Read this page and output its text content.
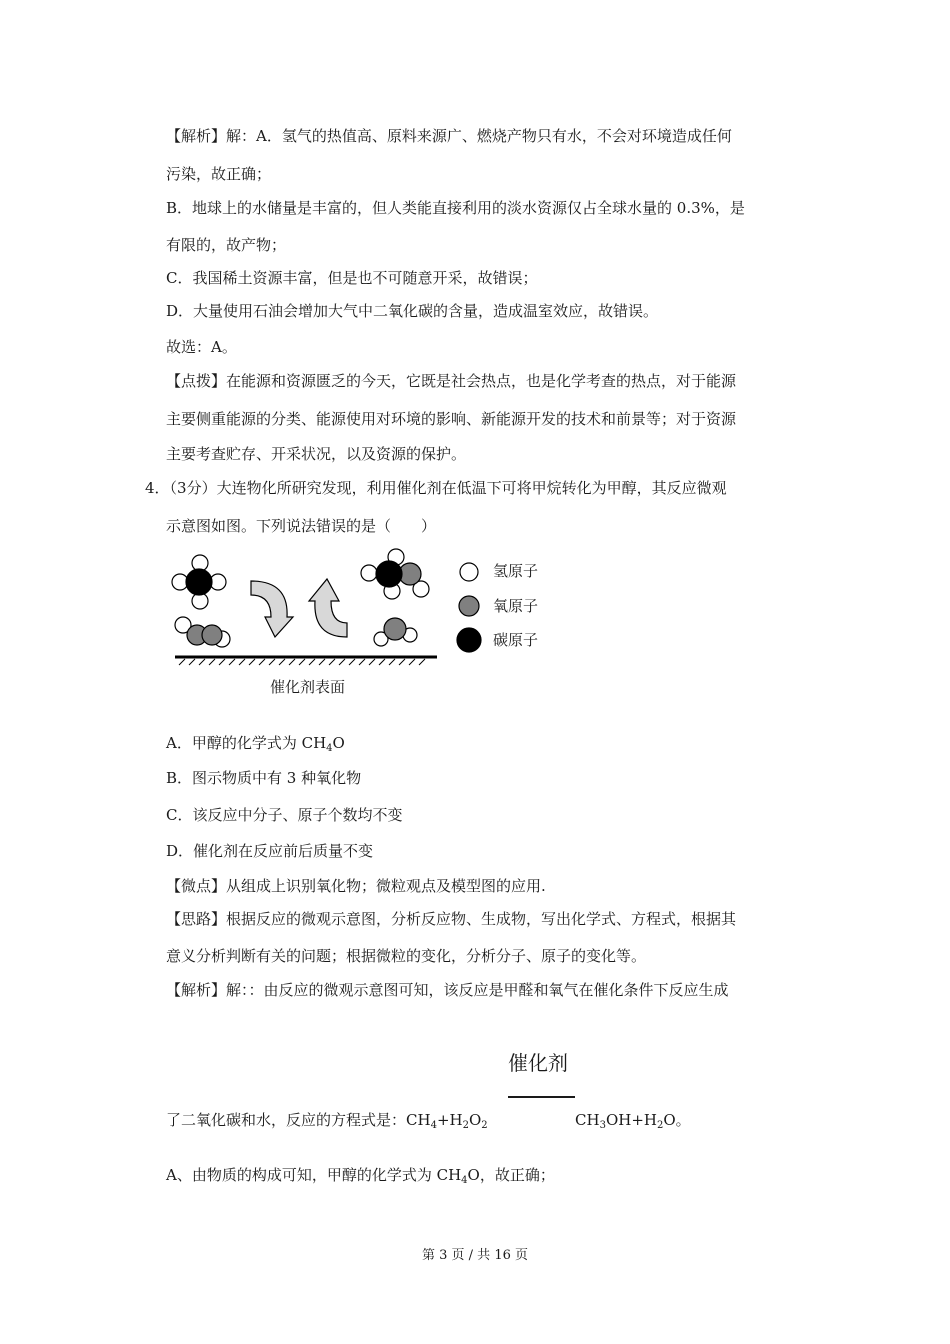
【解析】解：A．氢气的热值高、原料来源广、燃烧产物只有水，不会对环境造成任何
污染，故正确；
B．地球上的水储量是丰富的，但人类能直接利用的淡水资源仅占全球水量的 0.3%，是
有限的，故产物；
C．我国稀土资源丰富，但是也不可随意开采，故错误；
D．大量使用石油会增加大气中二氧化碳的含量，造成温室效应，故错误。
故选：A。
【点拨】在能源和资源匮乏的今天，它既是社会热点，也是化学考查的热点，对于能源
主要侧重能源的分类、能源使用对环境的影响、新能源开发的技术和前景等；对于资源
主要考查贮存、开采状况，以及资源的保护。
4．（3分）大连物化所研究发现，利用催化剂在低温下可将甲烷转化为甲醇，其反应微观
示意图如图。下列说法错误的是（　　）
氢原子
氧原子
碳原子
催化剂表面
A．甲醇的化学式为 $CH_4O$
B．图示物质中有 3 种氧化物
C．该反应中分子、原子个数均不变
D．催化剂在反应前后质量不变
【微点】从组成上识别氧化物；微粒观点及模型图的应用.
【思路】根据反应的微观示意图，分析反应物、生成物，写出化学式、方程式，根据其
意义分析判断有关的问题；根据微粒的变化，分析分子、原子的变化等。
【解析】解：：由反应的微观示意图可知，该反应是甲醛和氧气在催化条件下反应生成
催化剂
了二氧化碳和水，反应的方程式是：$CH_4+H_2O_2$	$CH_3OH+H_2O$。
A、由物质的构成可知，甲醇的化学式为 $CH_4O$，故正确；
第 3 页 / 共 16 页
